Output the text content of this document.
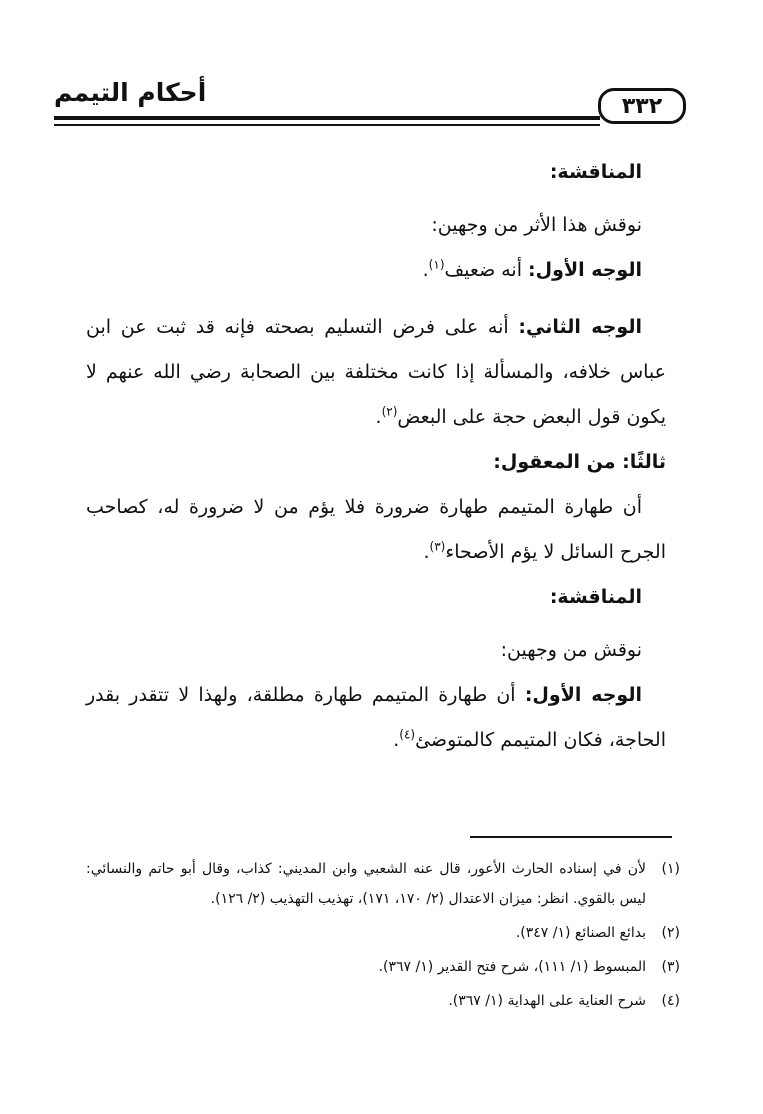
أحكام التيمم	٣٣٢

المناقشة:

نوقش هذا الأثر من وجهين:

الوجه الأول: أنه ضعيف$^{(١)}$.

الوجه الثاني: أنه على فرض التسليم بصحته فإنه قد ثبت عن ابن عباس خلافه، والمسألة إذا كانت مختلفة بين الصحابة رضي الله عنهم لا يكون قول البعض حجة على البعض$^{(٢)}$.

ثالثًا: من المعقول:

أن طهارة المتيمم طهارة ضرورة فلا يؤم من لا ضرورة له، كصاحب الجرح السائل لا يؤم الأصحاء$^{(٣)}$.

المناقشة:

نوقش من وجهين:

الوجه الأول: أن طهارة المتيمم طهارة مطلقة، ولهذا لا تتقدر بقدر الحاجة، فكان المتيمم كالمتوضئ$^{(٤)}$.

(١)
لأن في إسناده الحارث الأعور، قال عنه الشعبي وابن المديني: كذاب، وقال أبو حاتم والنسائي: ليس بالقوي. انظر: ميزان الاعتدال (٢/ ١٧٠، ١٧١)، تهذيب التهذيب (٢/ ١٢٦).
(٢)
بدائع الصنائع (١/ ٣٤٧).
(٣)
المبسوط (١/ ١١١)، شرح فتح القدير (١/ ٣٦٧).
(٤)
شرح العناية على الهداية (١/ ٣٦٧).
